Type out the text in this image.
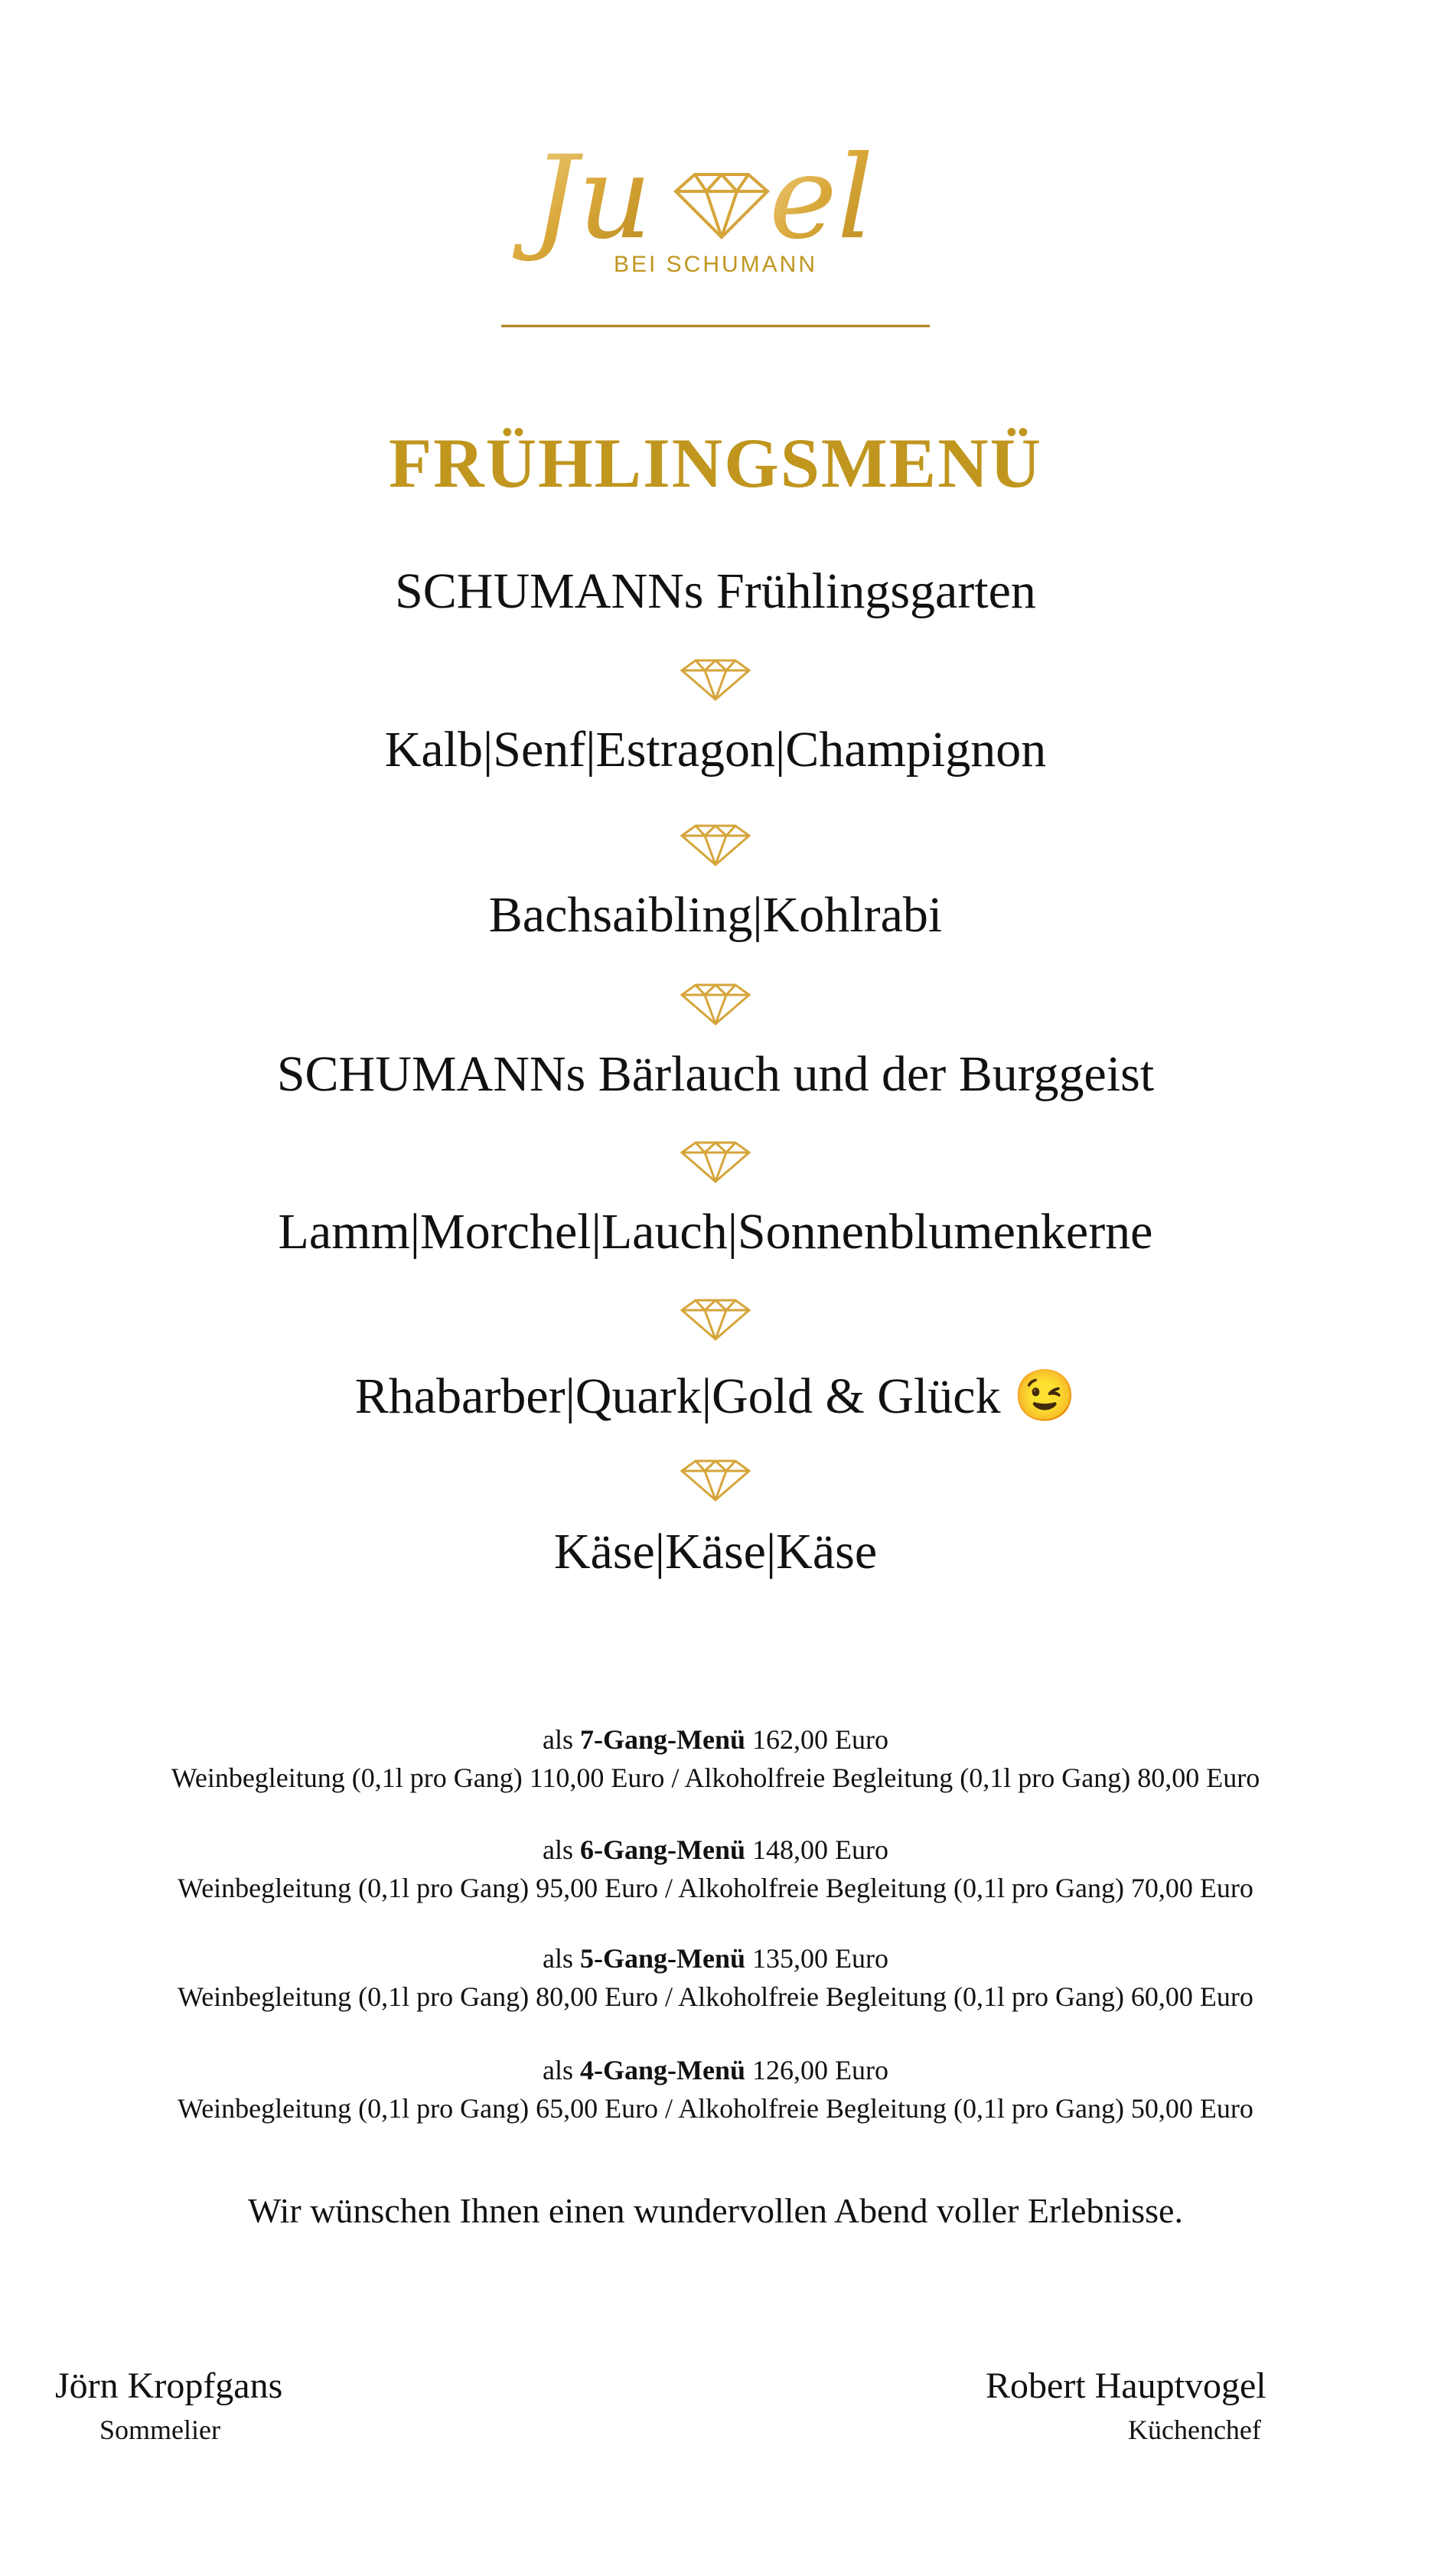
Ju el
BEI SCHUMANN
FRÜHLINGSMENÜ
SCHUMANNs Frühlingsgarten
Kalb|Senf|Estragon|Champignon
Bachsaibling|Kohlrabi
SCHUMANNs Bärlauch und der Burggeist
Lamm|Morchel|Lauch|Sonnenblumenkerne
Rhabarber|Quark|Gold & Glück 😉
Käse|Käse|Käse
als 7-Gang-Menü 162,00 Euro
Weinbegleitung (0,1l pro Gang) 110,00 Euro / Alkoholfreie Begleitung (0,1l pro Gang) 80,00 Euro
als 6-Gang-Menü 148,00 Euro
Weinbegleitung (0,1l pro Gang) 95,00 Euro / Alkoholfreie Begleitung (0,1l pro Gang) 70,00 Euro
als 5-Gang-Menü 135,00 Euro
Weinbegleitung (0,1l pro Gang) 80,00 Euro / Alkoholfreie Begleitung (0,1l pro Gang) 60,00 Euro
als 4-Gang-Menü 126,00 Euro
Weinbegleitung (0,1l pro Gang) 65,00 Euro / Alkoholfreie Begleitung (0,1l pro Gang) 50,00 Euro
Wir wünschen Ihnen einen wundervollen Abend voller Erlebnisse.
Jörn Kropfgans
Sommelier
Robert Hauptvogel
Küchenchef
